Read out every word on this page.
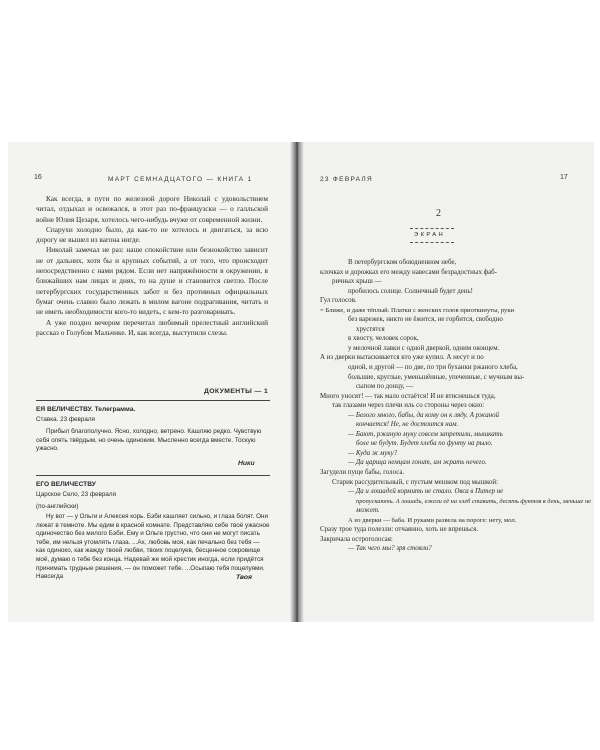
16	МАРТ СЕМНАДЦАТОГО — КНИГА 1

Как всегда, в пути по железной дороге Николай с удовольствием читал, отдыхал и освежался, в этот раз по-французски — о галльской войне Юлия Цезаря, хотелось чего-нибудь вчуже от современной жизни.

Спарухи холодно было, да как-то не хотелось и двигаться, за всю дорогу не вышел из вагона нигде.

Николай замечал не раз: наше спокойствие или безнокойство зависит не от дальних, хотя бы и крупных событий, а от того, что происходит непосредственно с нами рядом. Если нет напряжённости в окружении, в ближайших нам лицах и днях, то на душе и становится светло. После петербургских государственных забот и без противных официальных бумаг очень славно было лежать в милом вагоне подрагивания, читать и не иметь необходимости кого-то видеть, с кем-то разговаривать.

А уже поздно вечером перечитал любимый прелестный английский рассказ о Голубом Мальчике. И, как всегда, выступили слезы.

ДОКУМЕНТЫ — 1
ЕЯ ВЕЛИЧЕСТВУ. Телеграмма.
Ставка. 23 февраля
Прибыл благополучно. Ясно, холодно, ветрено. Кашляю редко. Чувствую себя опять твёрдым, но очень одиноким. Мысленно всегда вместе. Тоскую ужасно.
Ники
ЕГО ВЕЛИЧЕСТВУ
Царское Село, 23 февраля
(по-английски)
Ну вот — у Ольги и Алексея корь. Бэби кашляет сильно, и глаза болят. Они лежат в темноте. Мы едим в красной комнате. Представляю себе твоё ужасное одиночество без милого Бэби. Ему и Ольге грустно, что они не могут писать тебе, им нельзя утомлять глаза. ...Ах, любовь моя, как печально без тебя — как одиноко, как жажду твоей любви, твоих поцелуев, бесценное сокровище моё, думаю о тебе без конца. Надевай же мой крестик иногда, если придётся принимать трудные решения, — он поможет тебе. ...Осыпаю тебя поцелуями. Навсегда	Твоя
23 ФЕВРАЛЯ	17
2
ЭКРАН
В петербургском обоюдненном небе,
клочках и дорожках его между навесами безрадостных фаб-
ричных крыш —
пробилось солнце. Солнечный будет день!
Гул голосов.
= Ближе, и даже тёплый. Платки с женских голов приоткинуты, руки
без варежек, никто не ёжится, не горбится, свободно
хрустятся
в хвосту, человек сорок,
у мелочной лавки с одной дверкой, одним оконцем.
А из дверки вытаскивается кто уже купил. А несут и по
одной, и другой — по две, по три буханки ржаного хлеба,
большие, круглые, уменьшённые, упеченные, с мучным вы-
сыпом по донцу, —
Много уносят! — так мало остаётся! И не втиснешься туда,
так глазами через плечи иль со стороны через окно:
— Белого много, бабы, да кому он к ляду. А ржаной
кончается! Не, не достоится нам.
— Бают, ржаную муку совсем запретили, мышкать
боле не будут. Будет хлеба по фунту на рыло.
— Куда ж муку?
— Да царица немцам гонит, им жрать нечего.
Загудели пуще бабы, голоса.
Старик рассудительный, с пустым мешком под мышкой:
— Да и лошадей кормить не стало. Овса в Питер не
пропускають. А лошадь, ежели её на хлеб ставить, десять фунтов в день, меньше не
может.
А из дверки — баба. И руками развела на пороге: нету, мол.
Сразу трое туда полезли: отчаянно, хоть не впрешься.
Закричала остроголосая:
— Так чего мы? зря стояли?
